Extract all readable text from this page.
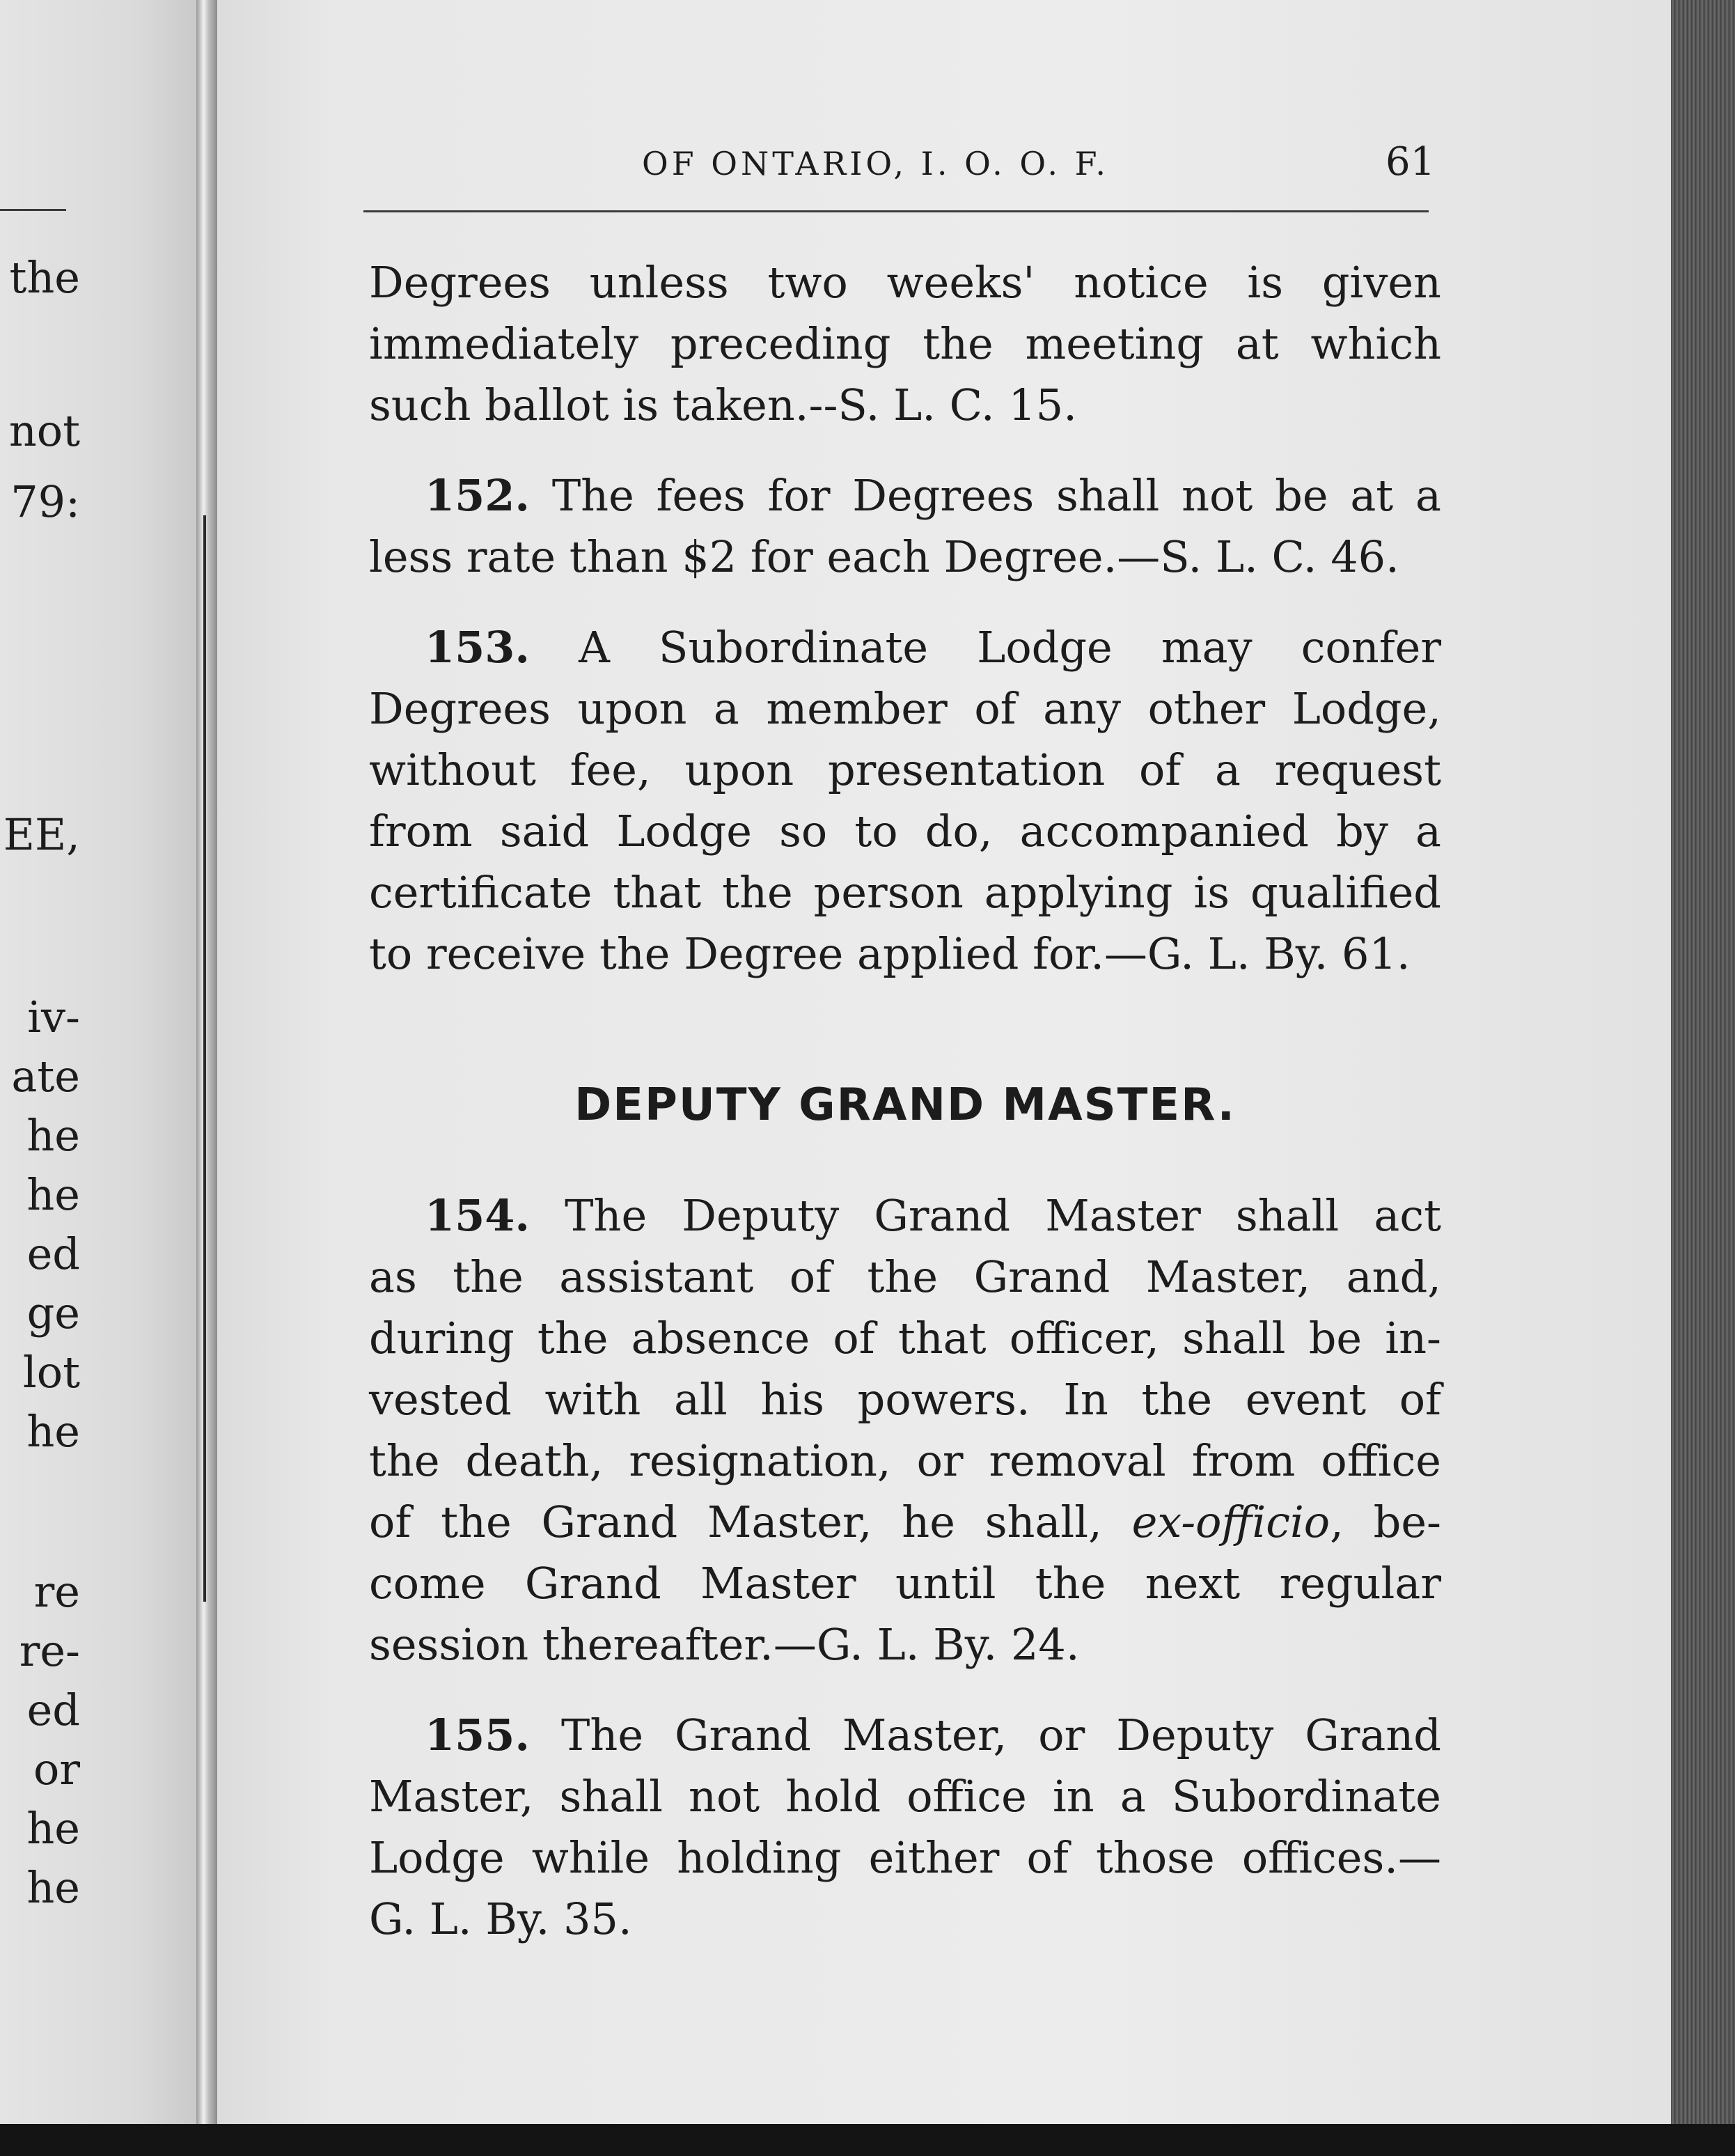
the
not
79:
EE,
iv-
ate
he
he
ed
ge
lot
he
re
re-
ed
or
he
he
OF ONTARIO, I. O. O. F.	61
Degrees unless two weeks' notice is given
immediately preceding the meeting at which
such ballot is taken.--S. L. C. 15.
152. The fees for Degrees shall not be at a
less rate than $2 for each Degree.—S. L. C. 46.
153. A Subordinate Lodge may confer
Degrees upon a member of any other Lodge,
without fee, upon presentation of a request
from said Lodge so to do, accompanied by a
certificate that the person applying is qualified
to receive the Degree applied for.—G. L. By. 61.
DEPUTY GRAND MASTER.
154. The Deputy Grand Master shall act
as the assistant of the Grand Master, and,
during the absence of that officer, shall be in-
vested with all his powers. In the event of
the death, resignation, or removal from office
of the Grand Master, he shall, ex-officio, be-
come Grand Master until the next regular
session thereafter.—G. L. By. 24.
155. The Grand Master, or Deputy Grand
Master, shall not hold office in a Subordinate
Lodge while holding either of those offices.—
G. L. By. 35.
